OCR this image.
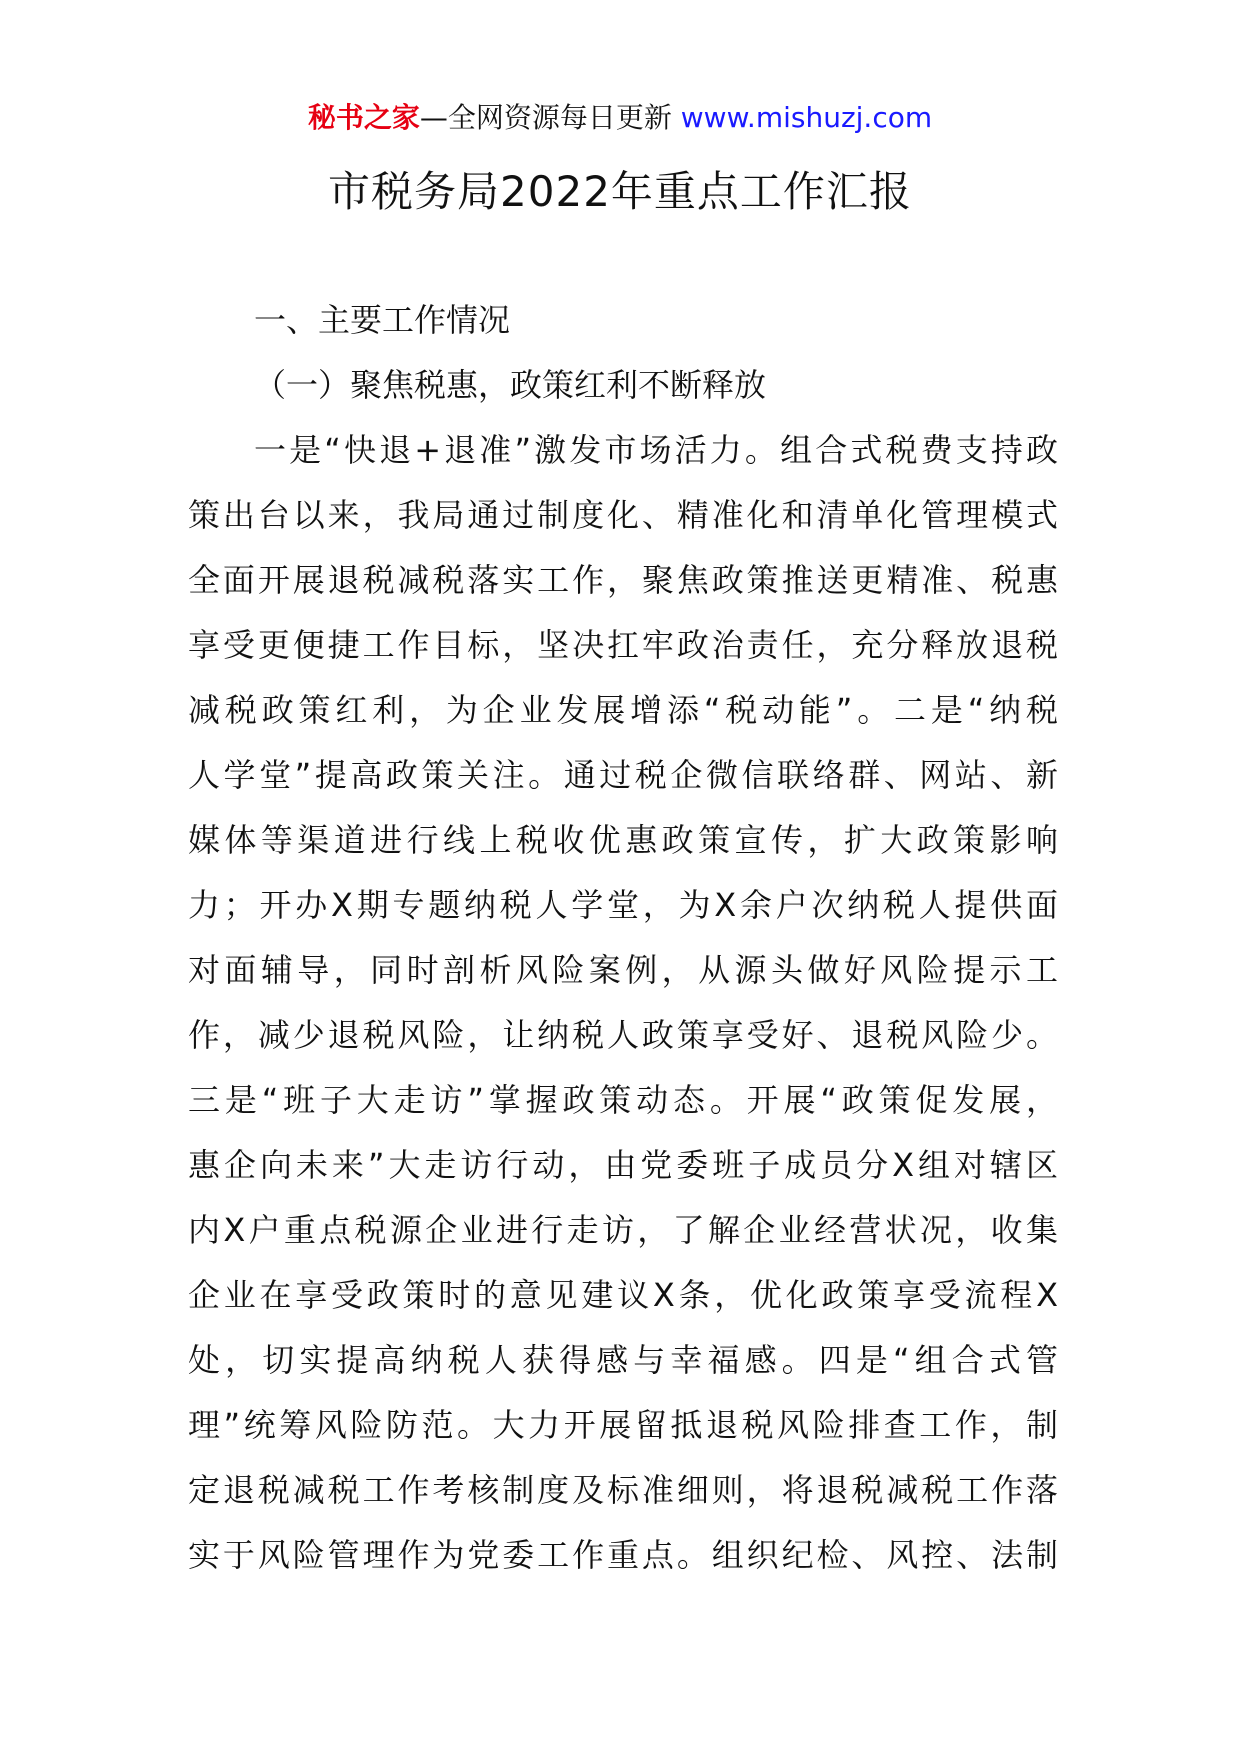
秘书之家—全网资源每日更新 www.mishuzj.com
市税务局2022年重点工作汇报
一、主要工作情况
（一）聚焦税惠，政策红利不断释放
一是“快退+退准”激发市场活力。组合式税费支持政
策出台以来，我局通过制度化、精准化和清单化管理模式
全面开展退税减税落实工作，聚焦政策推送更精准、税惠
享受更便捷工作目标，坚决扛牢政治责任，充分释放退税
减税政策红利，为企业发展增添“税动能”。二是“纳税
人学堂”提高政策关注。通过税企微信联络群、网站、新
媒体等渠道进行线上税收优惠政策宣传，扩大政策影响
力；开办X期专题纳税人学堂，为X余户次纳税人提供面
对面辅导，同时剖析风险案例，从源头做好风险提示工
作，减少退税风险，让纳税人政策享受好、退税风险少。
三是“班子大走访”掌握政策动态。开展“政策促发展，
惠企向未来”大走访行动，由党委班子成员分X组对辖区
内X户重点税源企业进行走访，了解企业经营状况，收集
企业在享受政策时的意见建议X条，优化政策享受流程X
处，切实提高纳税人获得感与幸福感。四是“组合式管
理”统筹风险防范。大力开展留抵退税风险排查工作，制
定退税减税工作考核制度及标准细则，将退税减税工作落
实于风险管理作为党委工作重点。组织纪检、风控、法制
